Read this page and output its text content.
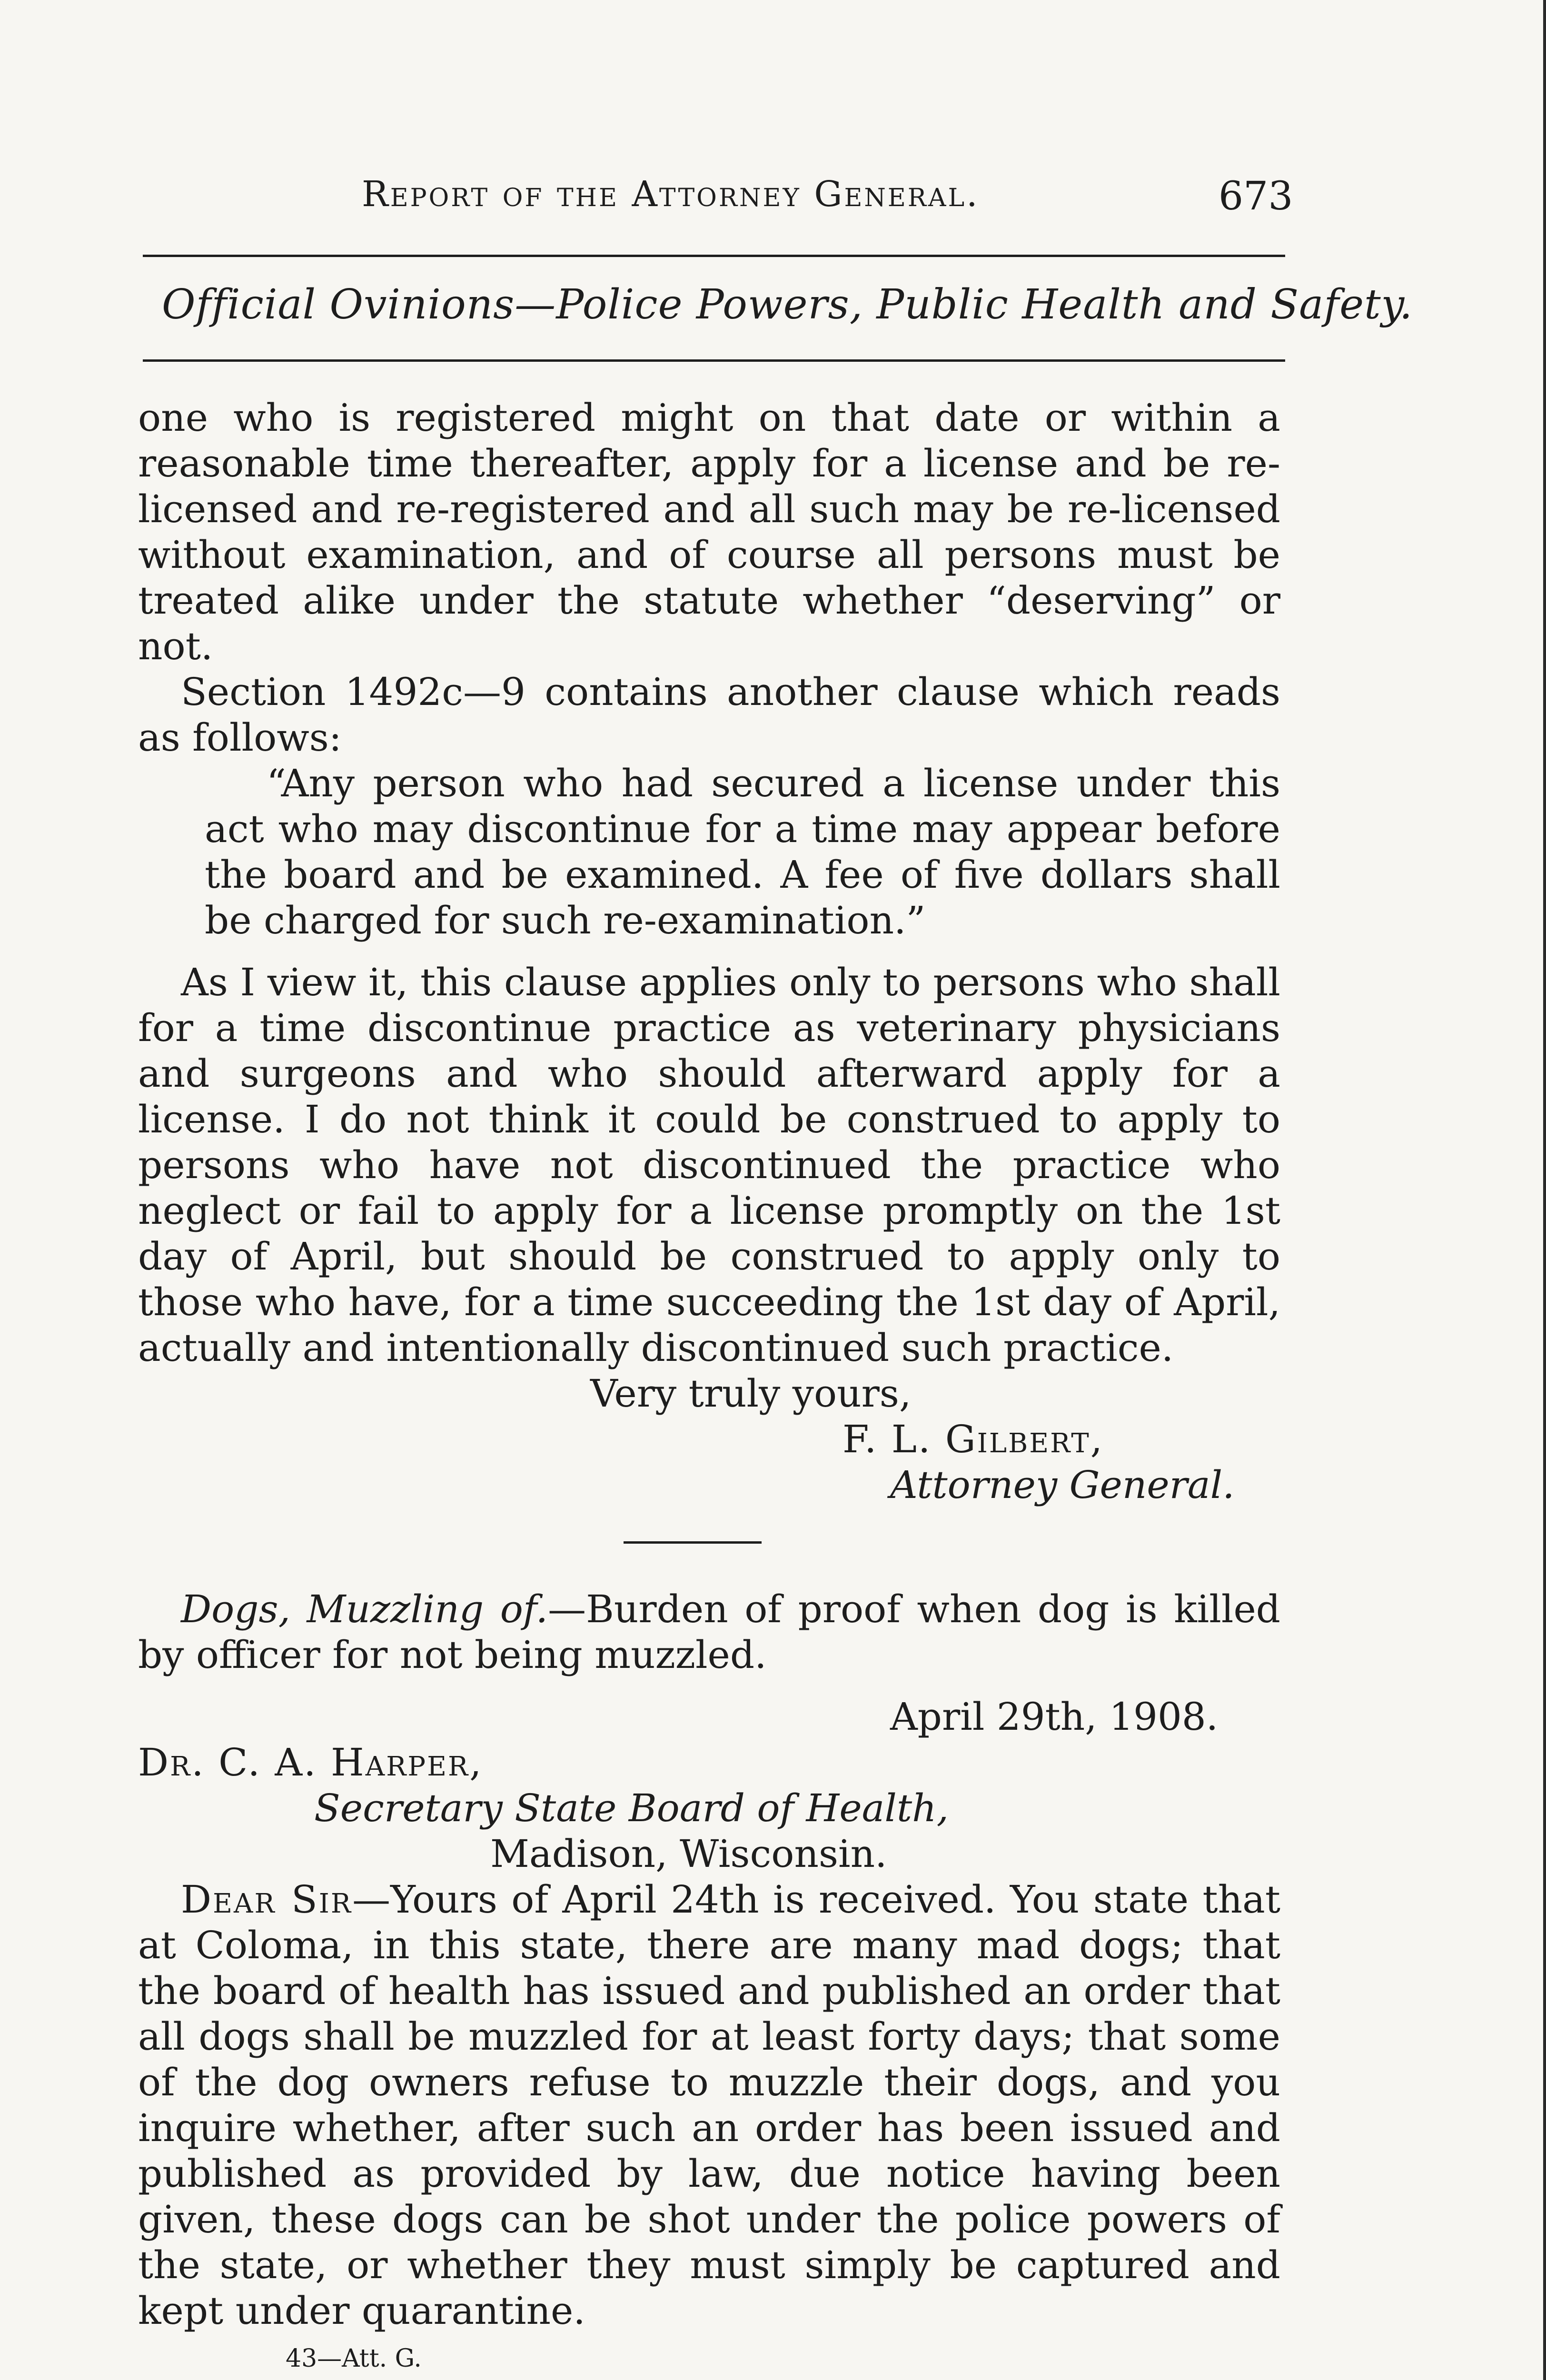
Report of the Attorney General.	673
Official Ovinions—Police Powers, Public Health and Safety.

one who is registered might on that date or within a reasonable time thereafter, apply for a license and be re-licensed and re-registered and all such may be re-licensed without examination, and of course all persons must be treated alike under the statute whether “deserving” or not.

Section 1492c—9 contains another clause which reads as follows:

“Any person who had secured a license under this act who may discontinue for a time may appear before the board and be examined. A fee of five dollars shall be charged for such re-examination.”

As I view it, this clause applies only to persons who shall for a time discontinue practice as veterinary physicians and surgeons and who should afterward apply for a license. I do not think it could be construed to apply to persons who have not discontinued the practice who neglect or fail to apply for a license promptly on the 1st day of April, but should be construed to apply only to those who have, for a time succeeding the 1st day of April, actually and intentionally discontinued such practice.

Very truly yours,
F. L. Gilbert,
Attorney General.

Dogs, Muzzling of.—Burden of proof when dog is killed by officer for not being muzzled.

April 29th, 1908.

Dr. C. A. Harper,

Secretary State Board of Health,
Madison, Wisconsin.

Dear Sir—Yours of April 24th is received. You state that at Coloma, in this state, there are many mad dogs; that the board of health has issued and published an order that all dogs shall be muzzled for at least forty days; that some of the dog owners refuse to muzzle their dogs, and you inquire whether, after such an order has been issued and published as provided by law, due notice having been given, these dogs can be shot under the police powers of the state, or whether they must simply be captured and kept under quarantine.

43—Att. G.
